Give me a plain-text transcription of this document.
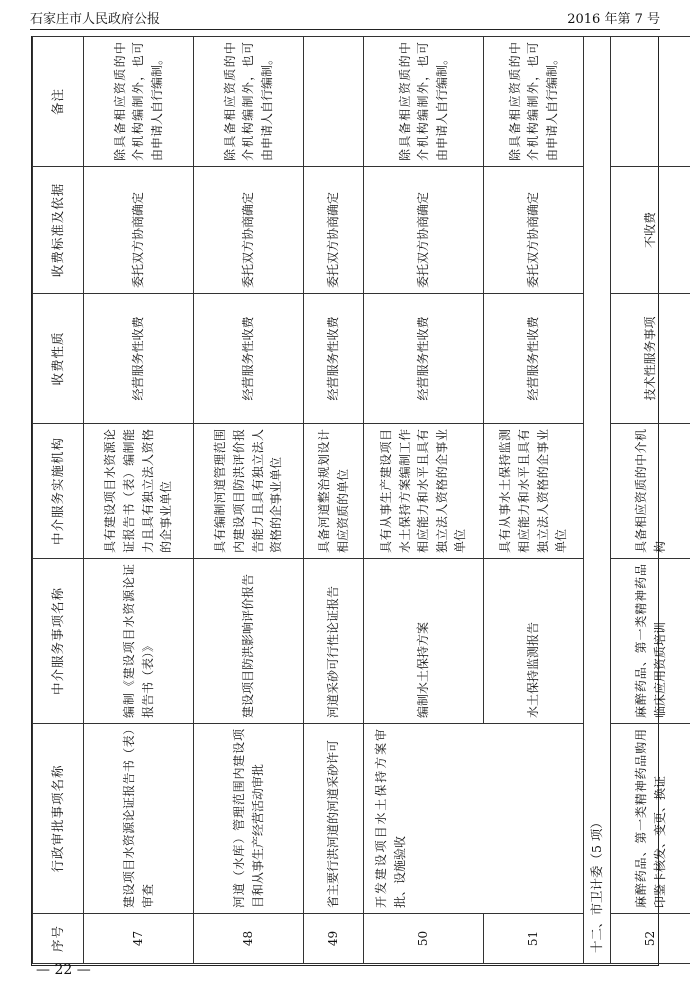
石家庄市人民政府公报	2016 年第 7 号
序号	行政审批事项名称	中介服务事项名称	中介服务实施机构	收费性质	收费标准及依据	备注
47	建设项目水资源论证报告书（表）审查	编制《建设项目水资源论证报告书（表）》	具有建设项目水资源论证报告书（表）编制能力且具有独立法人资格的企事业单位	经营服务性收费	委托双方协商确定	除具备相应资质的中介机构编制外，也可由申请人自行编制。
48	河道（水库）管理范围内建设项目和从事生产经营活动审批	建设项目防洪影响评价报告	具有编制河道管理范围内建设项目防洪评价报告能力且具有独立法人资格的企事业单位	经营服务性收费	委托双方协商确定	除具备相应资质的中介机构编制外，也可由申请人自行编制。
49	省主要行洪河道的河道采砂许可	河道采砂可行性论证报告	具备河道整治规划设计相应资质的单位	经营服务性收费	委托双方协商确定	
50	开发建设项目水土保持方案审批、设施验收	编制水土保持方案	具有从事生产建设项目水土保持方案编制工作相应能力和水平且具有独立法人资格的企事业单位	经营服务性收费	委托双方协商确定	除具备相应资质的中介机构编制外，也可由申请人自行编制。
51		水土保持监测报告	具有从事水土保持监测相应能力和水平且具有独立法人资格的企事业单位	经营服务性收费	委托双方协商确定	除具备相应资质的中介机构编制外，也可由申请人自行编制。
十二、市卫计委（5 项）						
52	麻醉药品、第一类精神药品购用印鉴卡核发、变更、换证	麻醉药品、第一类精神药品临床应用资质培训	具备相应资质的中介机构	技术性服务事项	不收费	
— 22 —
